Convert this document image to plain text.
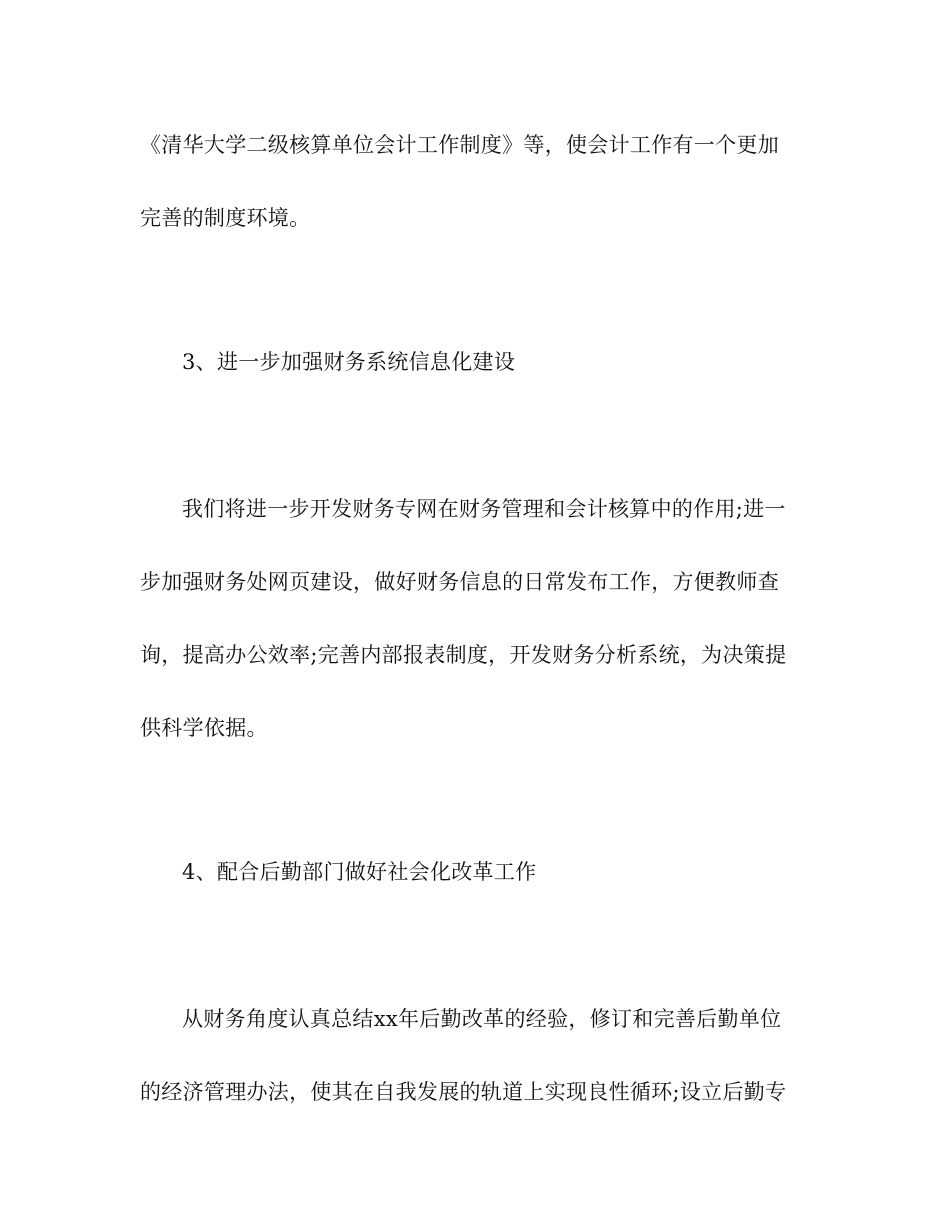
《清华大学二级核算单位会计工作制度》等，使会计工作有一个更加
完善的制度环境。
3、进一步加强财务系统信息化建设
我们将进一步开发财务专网在财务管理和会计核算中的作用;进一
步加强财务处网页建设，做好财务信息的日常发布工作，方便教师查
询，提高办公效率;完善内部报表制度，开发财务分析系统，为决策提
供科学依据。
4、配合后勤部门做好社会化改革工作
从财务角度认真总结xx年后勤改革的经验，修订和完善后勤单位
的经济管理办法，使其在自我发展的轨道上实现良性循环;设立后勤专
